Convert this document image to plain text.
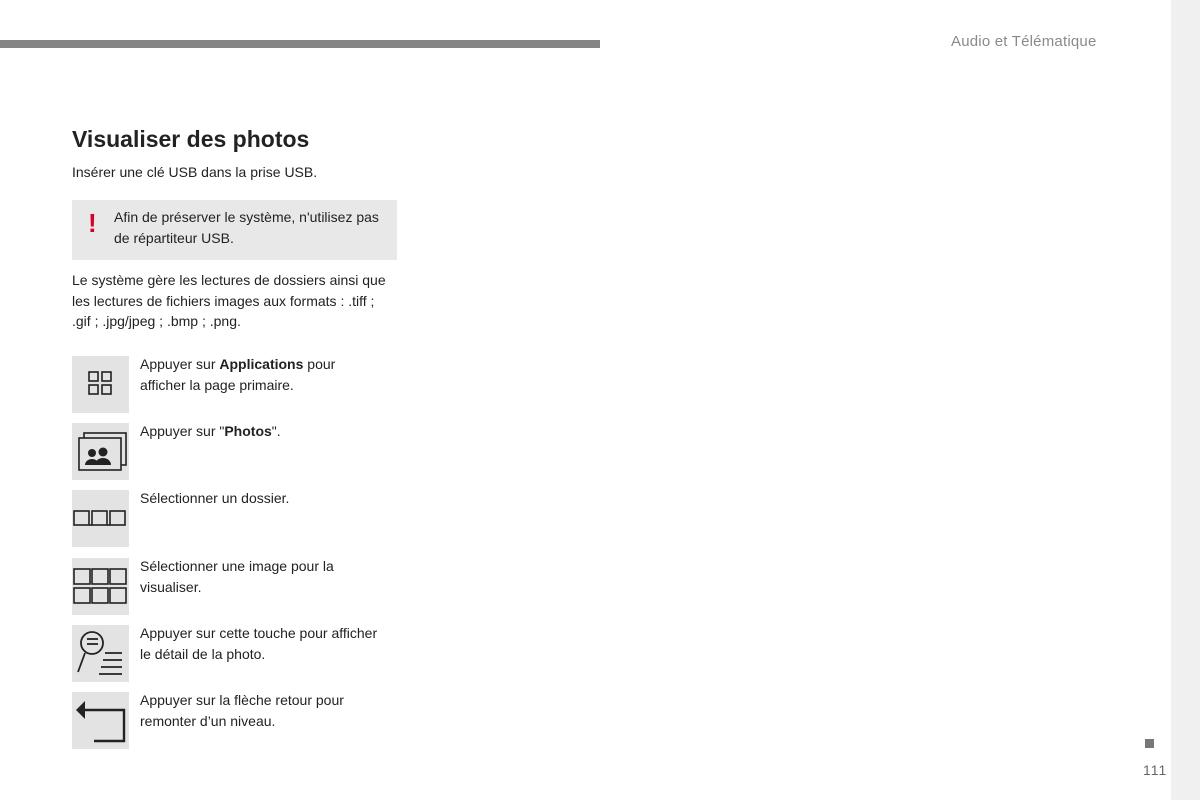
Audio et Télématique
Visualiser des photos
Insérer une clé USB dans la prise USB.
! Afin de préserver le système, n'utilisez pas de répartiteur USB.
Le système gère les lectures de dossiers ainsi que les lectures de fichiers images aux formats : .tiff ; .gif ; .jpg/jpeg ; .bmp ; .png.
Appuyer sur Applications pour afficher la page primaire.
Appuyer sur "Photos".
Sélectionner un dossier.
Sélectionner une image pour la visualiser.
Appuyer sur cette touche pour afficher le détail de la photo.
Appuyer sur la flèche retour pour remonter d’un niveau.
111
